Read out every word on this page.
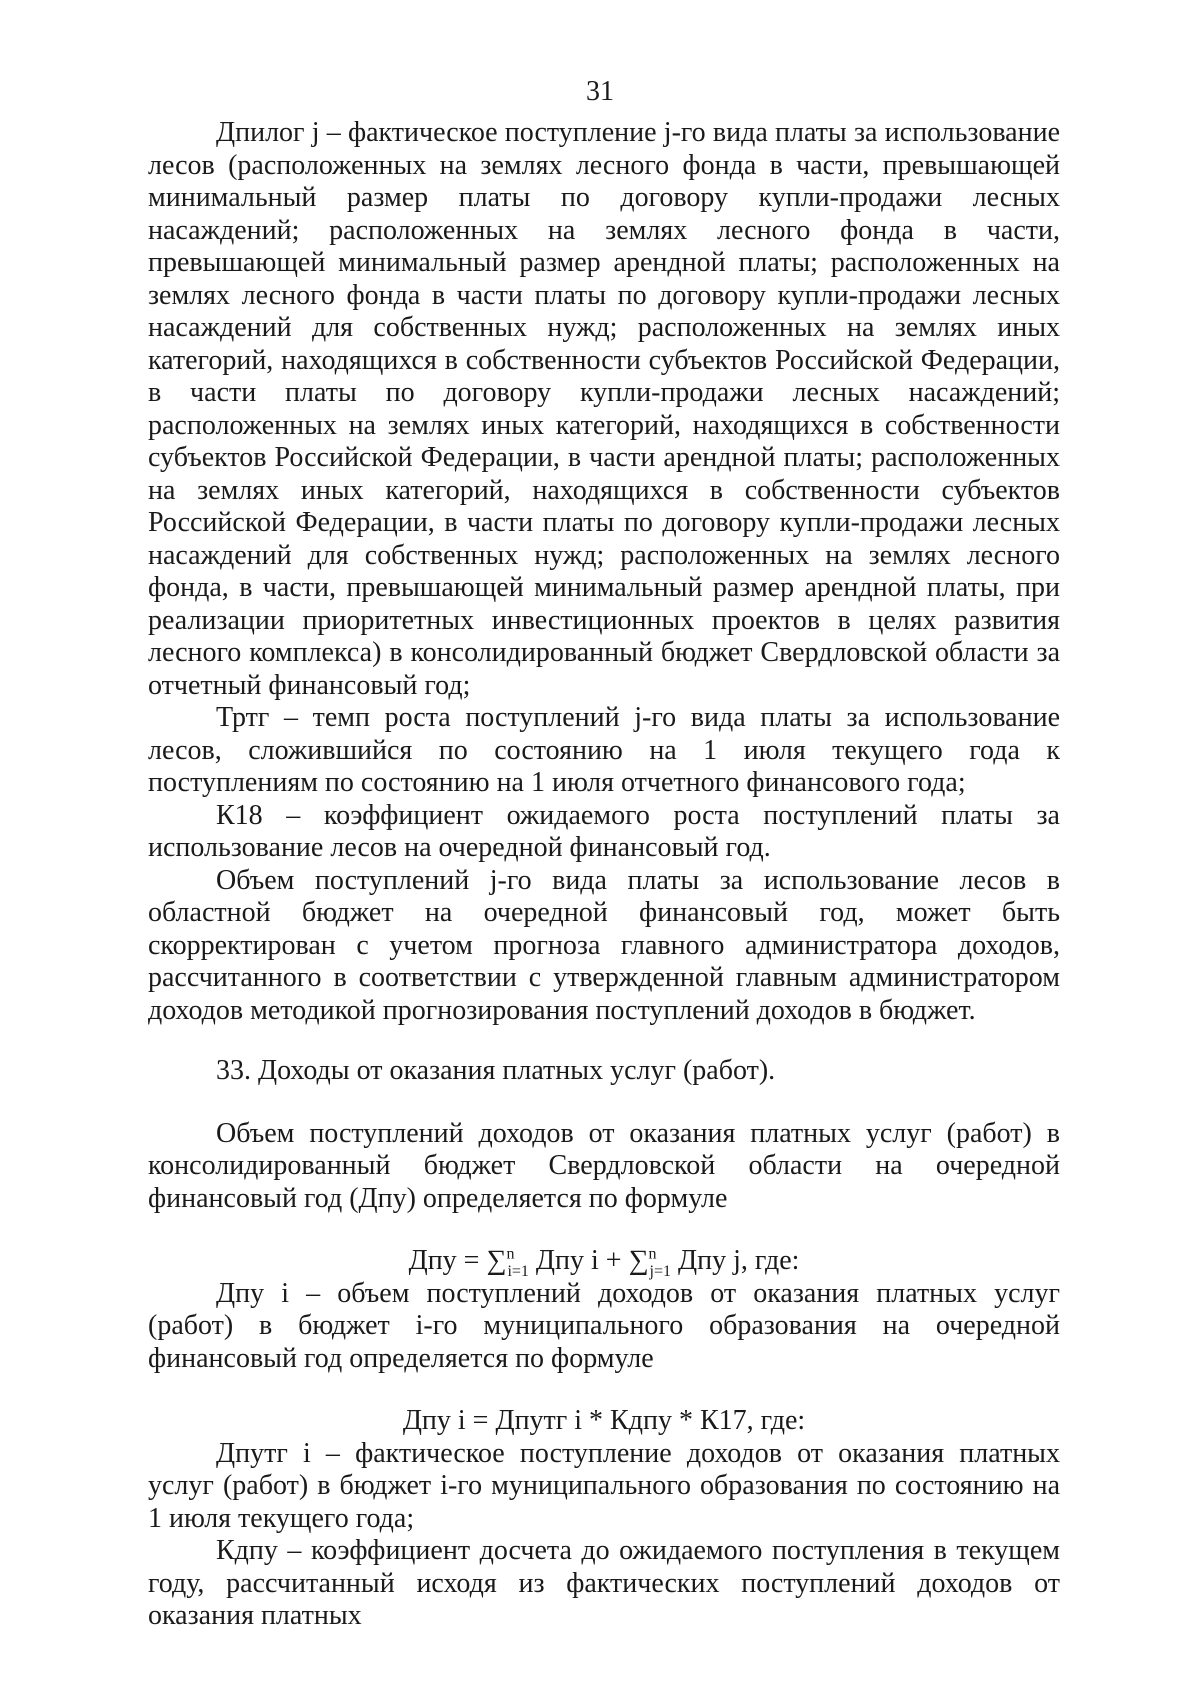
31

Дпилог j – фактическое поступление j-го вида платы за использование лесов (расположенных на землях лесного фонда в части, превышающей минимальный размер платы по договору купли-продажи лесных насаждений; расположенных на землях лесного фонда в части, превышающей минимальный размер арендной платы; расположенных на землях лесного фонда в части платы по договору купли-продажи лесных насаждений для собственных нужд; расположенных на землях иных категорий, находящихся в собственности субъектов Российской Федерации, в части платы по договору купли-продажи лесных насаждений; расположенных на землях иных категорий, находящихся в собственности субъектов Российской Федерации, в части арендной платы; расположенных на землях иных категорий, находящихся в собственности субъектов Российской Федерации, в части платы по договору купли-продажи лесных насаждений для собственных нужд; расположенных на землях лесного фонда, в части, превышающей минимальный размер арендной платы, при реализации приоритетных инвестиционных проектов в целях развития лесного комплекса) в консолидированный бюджет Свердловской области за отчетный финансовый год;

Тртг – темп роста поступлений j-го вида платы за использование лесов, сложившийся по состоянию на 1 июля текущего года к поступлениям по состоянию на 1 июля отчетного финансового года;

К18 – коэффициент ожидаемого роста поступлений платы за использование лесов на очередной финансовый год.

Объем поступлений j-го вида платы за использование лесов в областной бюджет на очередной финансовый год, может быть скорректирован с учетом прогноза главного администратора доходов, рассчитанного в соответствии с утвержденной главным администратором доходов методикой прогнозирования поступлений доходов в бюджет.

33. Доходы от оказания платных услуг (работ).

Объем поступлений доходов от оказания платных услуг (работ) в консолидированный бюджет Свердловской области на очередной финансовый год (Дпу) определяется по формуле

Дпу = ∑$^n_{i=1}$ Дпу i + ∑$^n_{j=1}$ Дпу j, где:

Дпу i – объем поступлений доходов от оказания платных услуг (работ) в бюджет i-го муниципального образования на очередной финансовый год определяется по формуле

Дпу i = Дпутг i * Кдпу * К17, где:

Дпутг i – фактическое поступление доходов от оказания платных услуг (работ) в бюджет i-го муниципального образования по состоянию на 1 июля текущего года;

Кдпу – коэффициент досчета до ожидаемого поступления в текущем году, рассчитанный исходя из фактических поступлений доходов от оказания платных
